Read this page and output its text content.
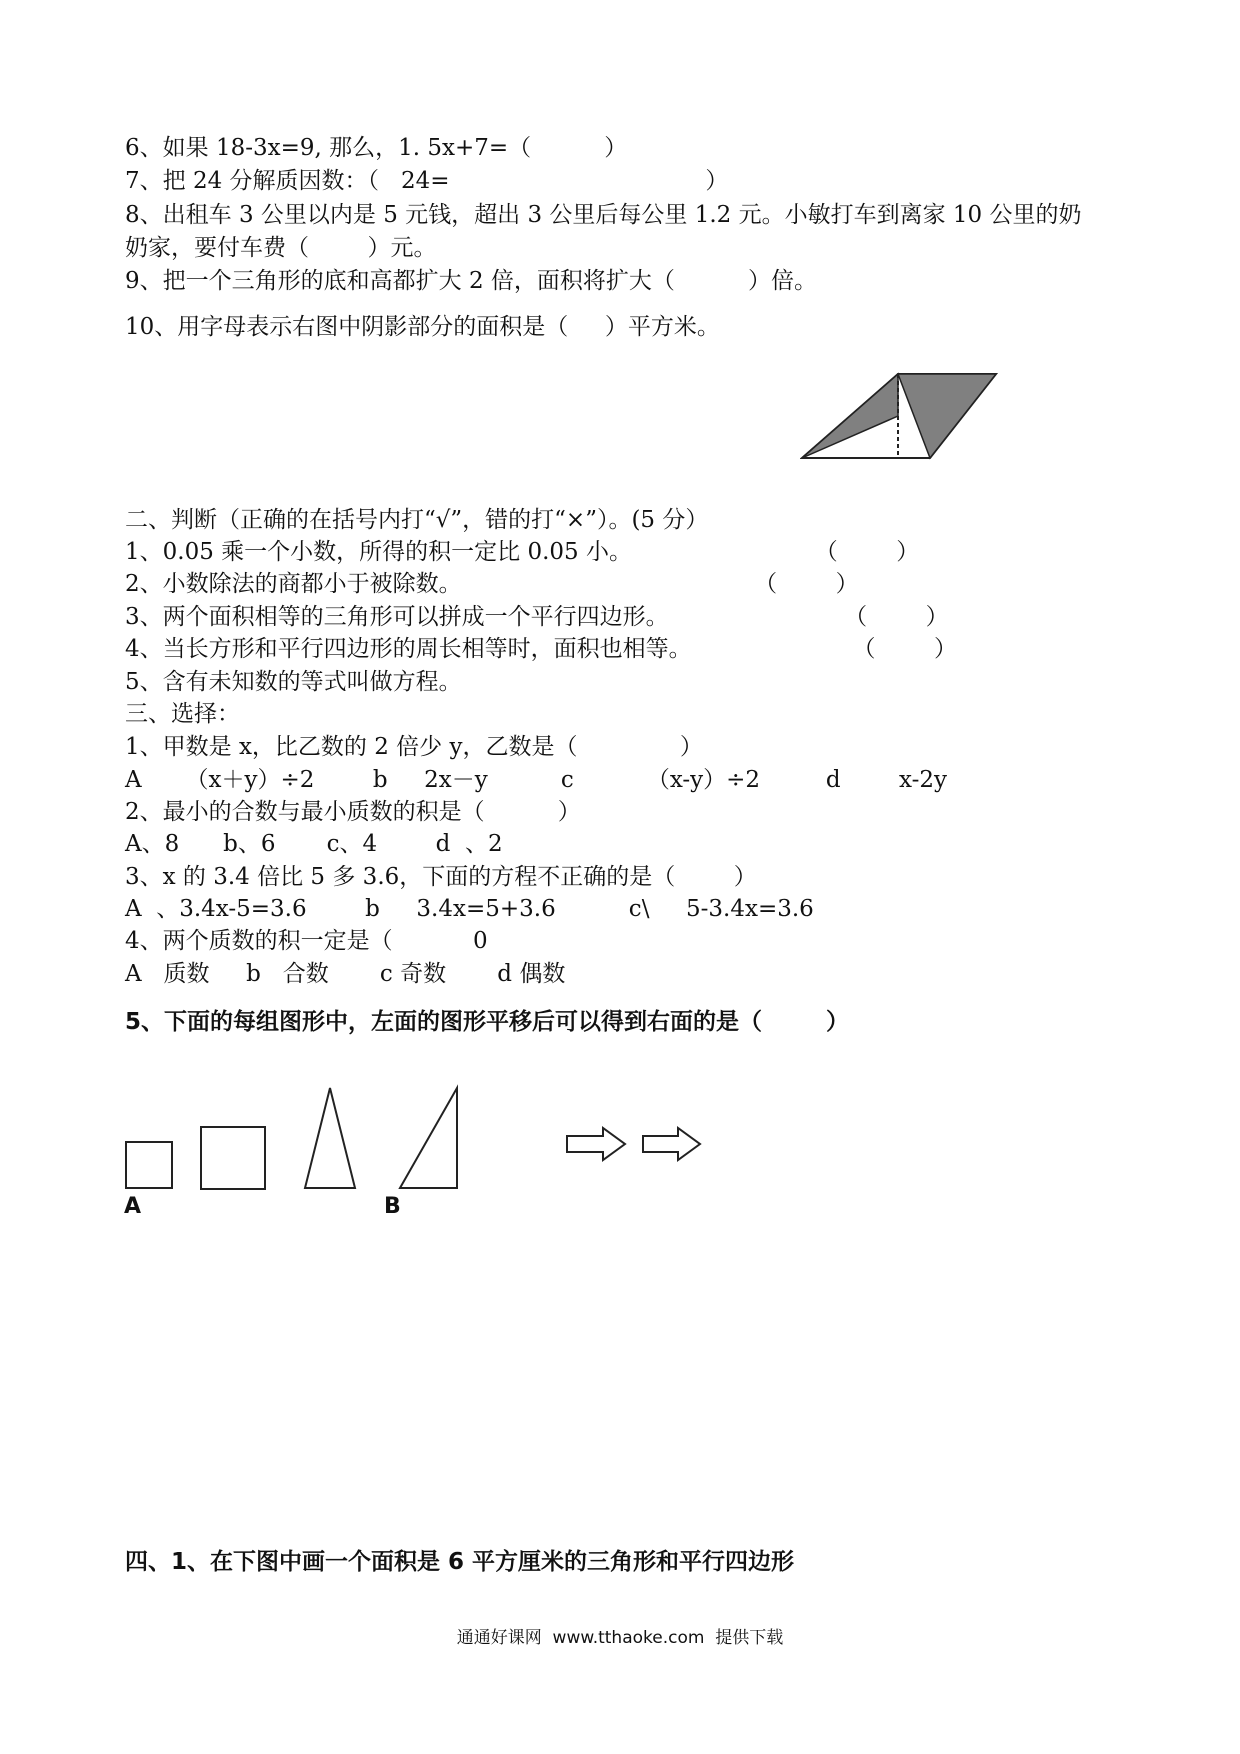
6、如果 18-3x=9, 那么，1. 5x+7=（          ）
7、把 24 分解质因数：（   24=                                   ）
8、出租车 3 公里以内是 5 元钱，超出 3 公里后每公里 1.2 元。小敏打车到离家 10 公里的奶
奶家，要付车费（        ）元。
9、把一个三角形的底和高都扩大 2 倍，面积将扩大（          ）倍。
10、用字母表示右图中阴影部分的面积是（     ）平方米。
二、判断（正确的在括号内打“√”，错的打“×”）。(5 分）
1、0.05 乘一个小数，所得的积一定比 0.05 小。                         （        ）
2、小数除法的商都小于被除数。                                        （        ）
3、两个面积相等的三角形可以拼成一个平行四边形。                        （        ）
4、当长方形和平行四边形的周长相等时，面积也相等。                      （        ）
5、含有未知数的等式叫做方程。
三、选择：
1、甲数是 x，比乙数的 2 倍少 y，乙数是（              ）
A      （x＋y）÷2        b     2x－y          c          （x-y）÷2         d        x-2y
2、最小的合数与最小质数的积是（          ）
A、8      b、6       c、4        d  、2
3、x 的 3.4 倍比 5 多 3.6，下面的方程不正确的是（        ）
A  、3.4x-5=3.6        b     3.4x=5+3.6          c\     5-3.4x=3.6
4、两个质数的积一定是（           0
A   质数     b   合数       c 奇数       d 偶数
5、下面的每组图形中，左面的图形平移后可以得到右面的是（        ）
A	B
四、1、在下图中画一个面积是 6 平方厘米的三角形和平行四边形
通通好课网  www.tthaoke.com  提供下载
